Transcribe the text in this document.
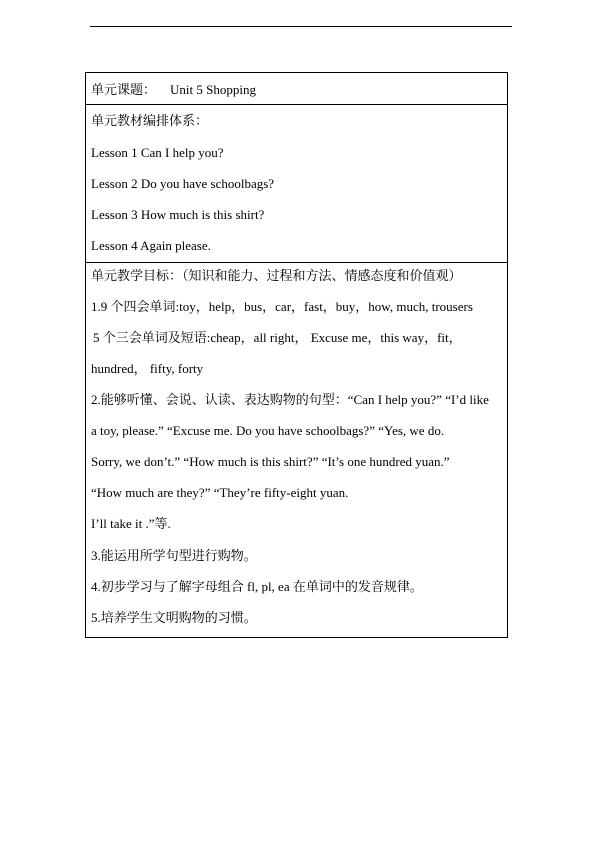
单元课题： Unit 5 Shopping
单元教材编排体系：
Lesson 1 Can I help you?
Lesson 2 Do you have schoolbags?
Lesson 3 How much is this shirt?
Lesson 4 Again please.
单元教学目标：（知识和能力、过程和方法、情感态度和价值观）
1.9 个四会单词:toy，help，bus，car，fast，buy，how, much, trousers
5 个三会单词及短语:cheap，all right， Excuse me，this way，fit，
hundred， fifty, forty
2.能够听懂、会说、认读、表达购物的句型：“Can I help you?” “I’d like
a toy, please.” “Excuse me. Do you have schoolbags?” “Yes, we do.
Sorry, we don’t.” “How much is this shirt?” “It’s one hundred yuan.”
“How much are they?” “They’re fifty-eight yuan.
I’ll take it .”等.
3.能运用所学句型进行购物。
4.初步学习与了解字母组合 fl, pl, ea 在单词中的发音规律。
5.培养学生文明购物的习惯。
